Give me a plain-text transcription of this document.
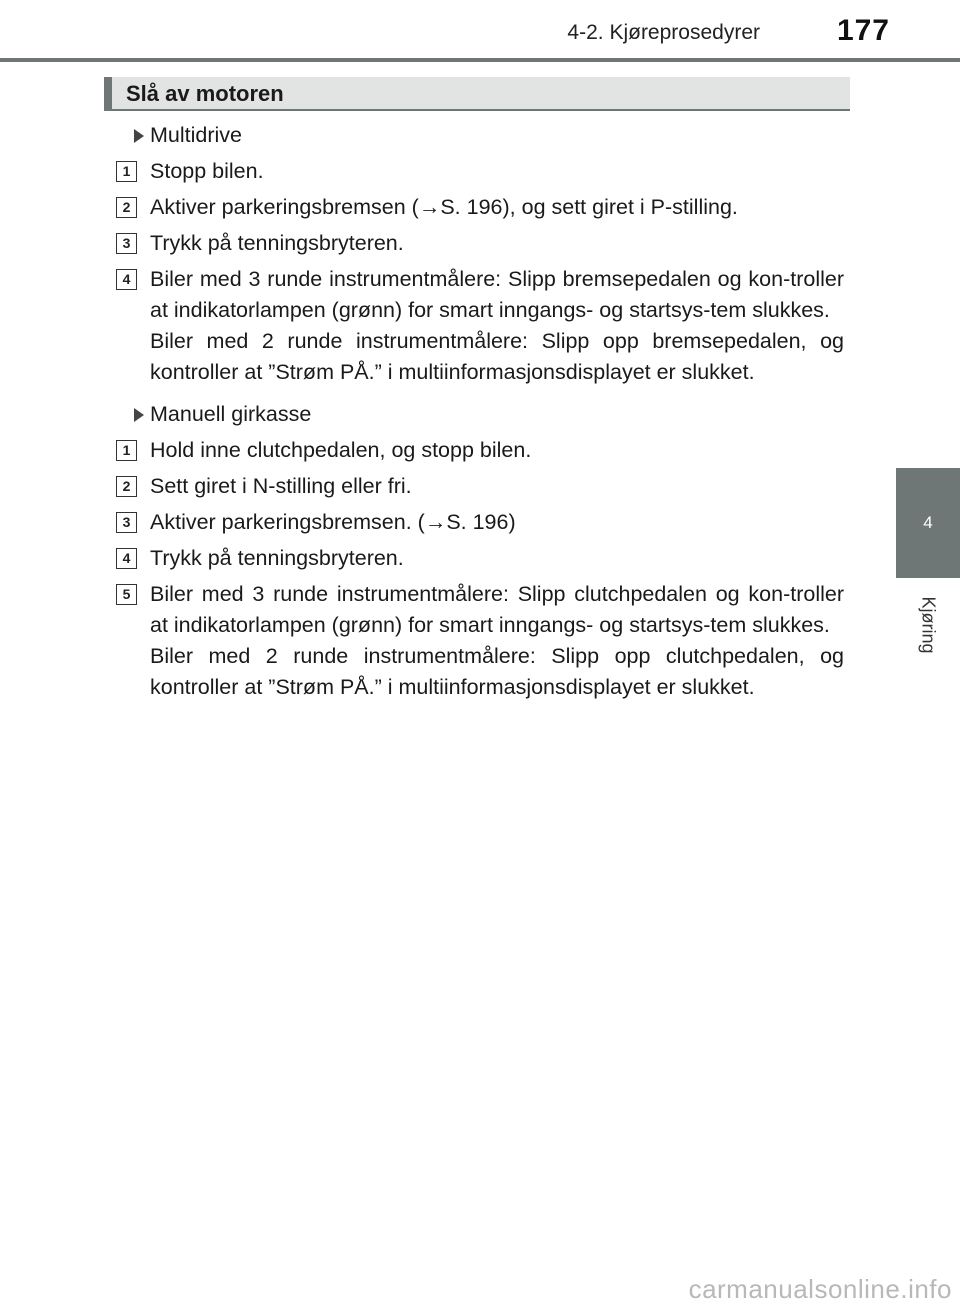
4-2. Kjøreprosedyrer	177
4
Kjøring
Slå av motoren
Multidrive
1 Stopp bilen.
2 Aktiver parkeringsbremsen (→S. 196), og sett giret i P-stilling.
3 Trykk på tenningsbryteren.
4 Biler med 3 runde instrumentmålere: Slipp bremsepedalen og kon-troller at indikatorlampen (grønn) for smart inngangs- og startsys-tem slukkes.
Biler med 2 runde instrumentmålere: Slipp opp bremsepedalen, og kontroller at ”Strøm PÅ.” i multiinformasjonsdisplayet er slukket.
Manuell girkasse
1 Hold inne clutchpedalen, og stopp bilen.
2 Sett giret i N-stilling eller fri.
3 Aktiver parkeringsbremsen. (→S. 196)
4 Trykk på tenningsbryteren.
5 Biler med 3 runde instrumentmålere: Slipp clutchpedalen og kon-troller at indikatorlampen (grønn) for smart inngangs- og startsys-tem slukkes.
Biler med 2 runde instrumentmålere: Slipp opp clutchpedalen, og kontroller at ”Strøm PÅ.” i multiinformasjonsdisplayet er slukket.
carmanualsonline.info
